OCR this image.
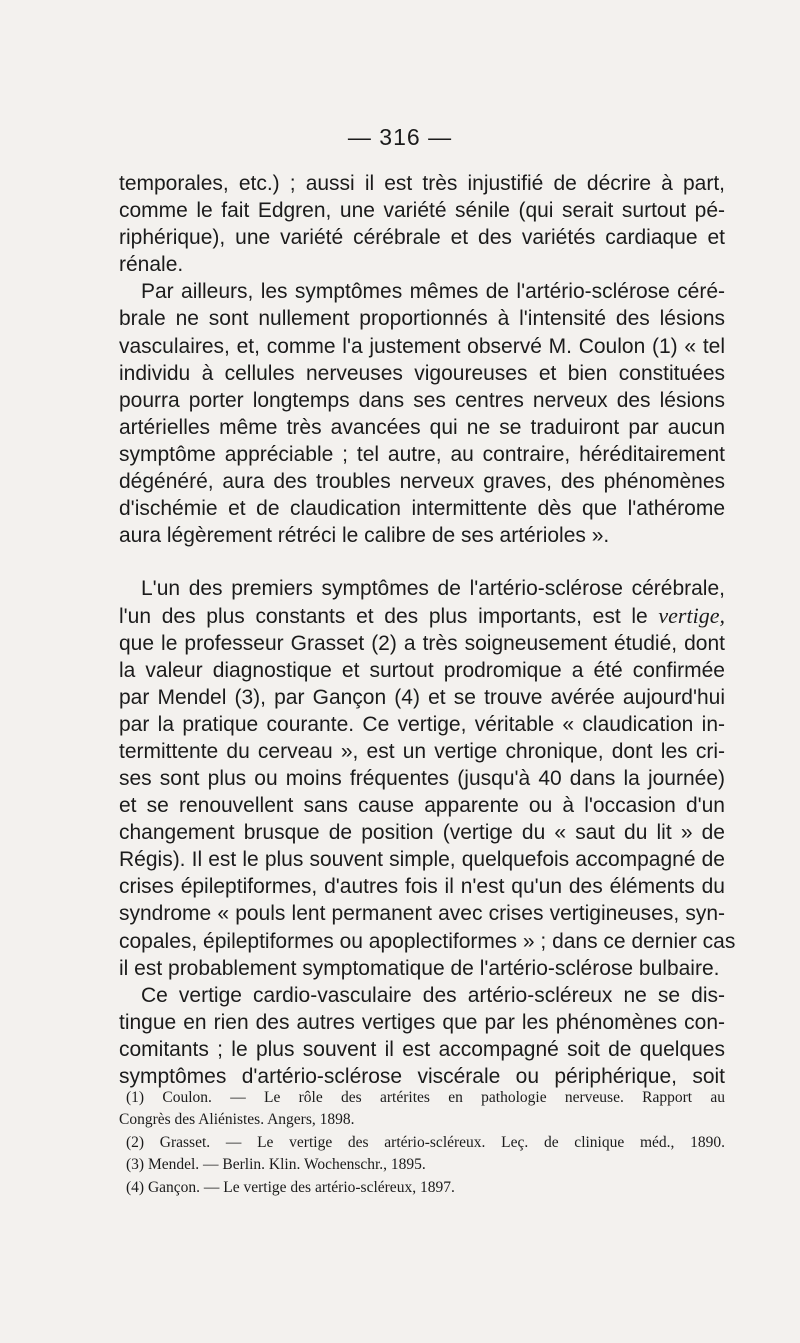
— 316 —
temporales, etc.) ; aussi il est très injustifié de décrire à part,
comme le fait Edgren, une variété sénile (qui serait surtout pé-
riphérique), une variété cérébrale et des variétés cardiaque et
rénale.
Par ailleurs, les symptômes mêmes de l'artério-sclérose céré-
brale ne sont nullement proportionnés à l'intensité des lésions
vasculaires, et, comme l'a justement observé M. Coulon (1) « tel
individu à cellules nerveuses vigoureuses et bien constituées
pourra porter longtemps dans ses centres nerveux des lésions
artérielles même très avancées qui ne se traduiront par aucun
symptôme appréciable ; tel autre, au contraire, héréditairement
dégénéré, aura des troubles nerveux graves, des phénomènes
d'ischémie et de claudication intermittente dès que l'athérome
aura légèrement rétréci le calibre de ses artérioles ».
L'un des premiers symptômes de l'artério-sclérose cérébrale,
l'un des plus constants et des plus importants, est le vertige,
que le professeur Grasset (2) a très soigneusement étudié, dont
la valeur diagnostique et surtout prodromique a été confirmée
par Mendel (3), par Gançon (4) et se trouve avérée aujourd'hui
par la pratique courante. Ce vertige, véritable « claudication in-
termittente du cerveau », est un vertige chronique, dont les cri-
ses sont plus ou moins fréquentes (jusqu'à 40 dans la journée)
et se renouvellent sans cause apparente ou à l'occasion d'un
changement brusque de position (vertige du « saut du lit » de
Régis). Il est le plus souvent simple, quelquefois accompagné de
crises épileptiformes, d'autres fois il n'est qu'un des éléments du
syndrome « pouls lent permanent avec crises vertigineuses, syn-
copales, épileptiformes ou apoplectiformes » ; dans ce dernier cas
il est probablement symptomatique de l'artério-sclérose bulbaire.
Ce vertige cardio-vasculaire des artério-scléreux ne se dis-
tingue en rien des autres vertiges que par les phénomènes con-
comitants ; le plus souvent il est accompagné soit de quelques
symptômes d'artério-sclérose viscérale ou périphérique, soit
(1) Coulon. — Le rôle des artérites en pathologie nerveuse. Rapport au
Congrès des Aliénistes. Angers, 1898.
(2) Grasset. — Le vertige des artério-scléreux. Leç. de clinique méd., 1890.
(3) Mendel. — Berlin. Klin. Wochenschr., 1895.
(4) Gançon. — Le vertige des artério-scléreux, 1897.
